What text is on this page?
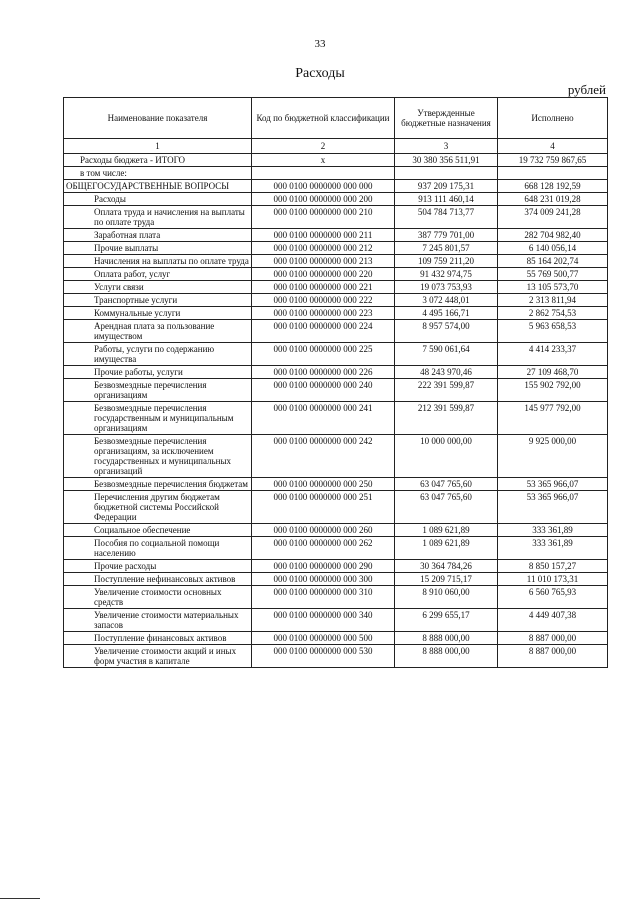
33
Расходы
рублей
Наименование показателя	Код по бюджетной классификации	Утвержденные бюджетные назначения	Исполнено
1	2	3	4
Расходы бюджета - ИТОГО	x	30 380 356 511,91	19 732 759 867,65
в том числе:			
ОБЩЕГОСУДАРСТВЕННЫЕ ВОПРОСЫ	000 0100 0000000 000 000	937 209 175,31	668 128 192,59
Расходы	000 0100 0000000 000 200	913 111 460,14	648 231 019,28
Оплата труда и начисления на выплаты по оплате труда	000 0100 0000000 000 210	504 784 713,77	374 009 241,28
Заработная плата	000 0100 0000000 000 211	387 779 701,00	282 704 982,40
Прочие выплаты	000 0100 0000000 000 212	7 245 801,57	6 140 056,14
Начисления на выплаты по оплате труда	000 0100 0000000 000 213	109 759 211,20	85 164 202,74
Оплата работ, услуг	000 0100 0000000 000 220	91 432 974,75	55 769 500,77
Услуги связи	000 0100 0000000 000 221	19 073 753,93	13 105 573,70
Транспортные услуги	000 0100 0000000 000 222	3 072 448,01	2 313 811,94
Коммунальные услуги	000 0100 0000000 000 223	4 495 166,71	2 862 754,53
Арендная плата за пользование имуществом	000 0100 0000000 000 224	8 957 574,00	5 963 658,53
Работы, услуги по содержанию имущества	000 0100 0000000 000 225	7 590 061,64	4 414 233,37
Прочие работы, услуги	000 0100 0000000 000 226	48 243 970,46	27 109 468,70
Безвозмездные перечисления организациям	000 0100 0000000 000 240	222 391 599,87	155 902 792,00
Безвозмездные перечисления государственным и муниципальным организациям	000 0100 0000000 000 241	212 391 599,87	145 977 792,00
Безвозмездные перечисления организациям, за исключением государственных и муниципальных организаций	000 0100 0000000 000 242	10 000 000,00	9 925 000,00
Безвозмездные перечисления бюджетам	000 0100 0000000 000 250	63 047 765,60	53 365 966,07
Перечисления другим бюджетам бюджетной системы Российской Федерации	000 0100 0000000 000 251	63 047 765,60	53 365 966,07
Социальное обеспечение	000 0100 0000000 000 260	1 089 621,89	333 361,89
Пособия по социальной помощи населению	000 0100 0000000 000 262	1 089 621,89	333 361,89
Прочие расходы	000 0100 0000000 000 290	30 364 784,26	8 850 157,27
Поступление нефинансовых активов	000 0100 0000000 000 300	15 209 715,17	11 010 173,31
Увеличение стоимости основных средств	000 0100 0000000 000 310	8 910 060,00	6 560 765,93
Увеличение стоимости материальных запасов	000 0100 0000000 000 340	6 299 655,17	4 449 407,38
Поступление финансовых активов	000 0100 0000000 000 500	8 888 000,00	8 887 000,00
Увеличение стоимости акций и иных форм участия в капитале	000 0100 0000000 000 530	8 888 000,00	8 887 000,00
